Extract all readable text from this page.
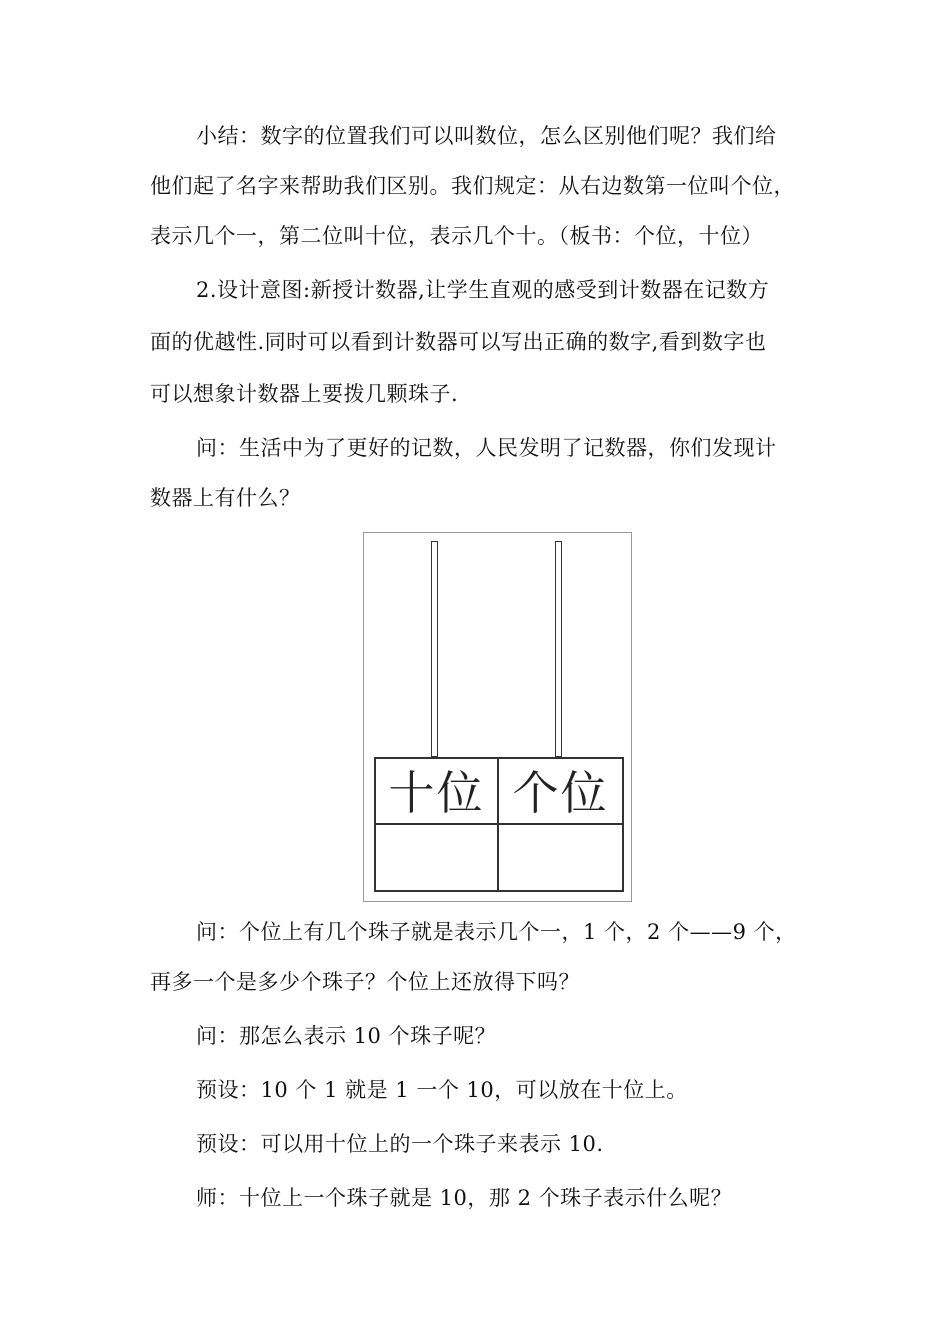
小结：数字的位置我们可以叫数位，怎么区别他们呢？我们给
他们起了名字来帮助我们区别。我们规定：从右边数第一位叫个位，
表示几个一，第二位叫十位，表示几个十。（板书：个位，十位）
2.设计意图:新授计数器,让学生直观的感受到计数器在记数方
面的优越性.同时可以看到计数器可以写出正确的数字,看到数字也
可以想象计数器上要拨几颗珠子.
问：生活中为了更好的记数，人民发明了记数器，你们发现计
数器上有什么？
十位 个位
问：个位上有几个珠子就是表示几个一，1 个，2 个——9 个，
再多一个是多少个珠子？个位上还放得下吗？
问：那怎么表示 10 个珠子呢？
预设：10 个 1 就是 1 一个 10，可以放在十位上。
预设：可以用十位上的一个珠子来表示 10.
师：十位上一个珠子就是 10，那 2 个珠子表示什么呢？
